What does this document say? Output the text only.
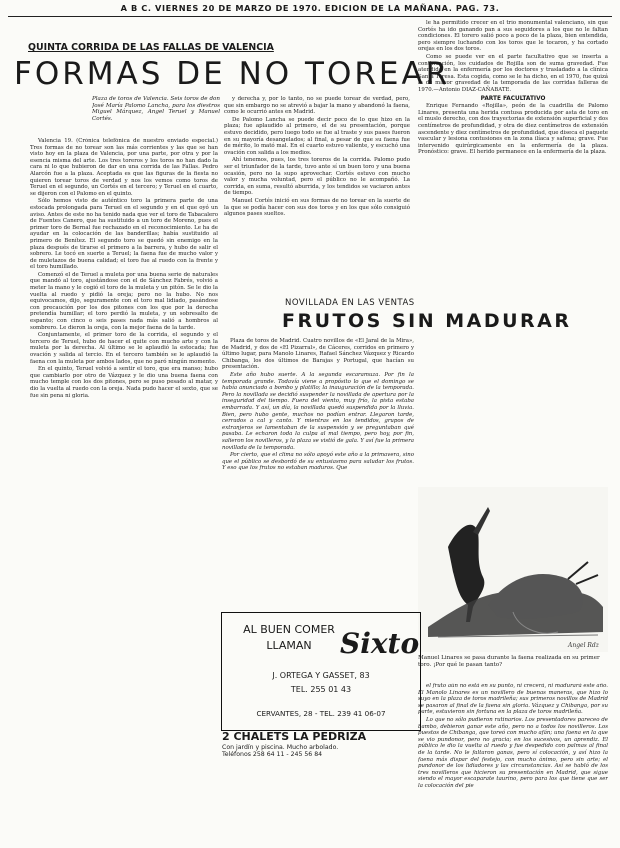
A B C. VIERNES 20 DE MARZO DE 1970. EDICION DE LA MAÑANA. PAG. 73.
QUINTA CORRIDA DE LAS FALLAS DE VALENCIA
FORMAS DE NO TOREAR
Plaza de toros de Valencia. Seis toros de don José María Palomo Lancha, para los diestros Miguel Márquez, Angel Teruel y Manuel Cortés.

Valencia 19. (Crónica telefónica de nuestro enviado especial.) Tres formas de no torear son las más corrientes y las que se han visto hoy en la plaza de Valencia, por una parte, por otra y por la esencia misma del arte. Los tres toreros y los toros no han dado la cara ni lo que hubieron de dar en una corrida de las Fallas. Pedro Alarcón fue a la plaza. Aceptada es que las figuras de la fiesta no quieren torear toros de verdad y nos los vemos como toros de Teruel en el segundo, un Cortés en el tercero; y Teruel en el cuarto, se dijeron con el Palomo en el quinto.

Sólo hemos visto de auténtico toro la primera parte de una estocada prolongada para Teruel en el segundo y en el que oyó un aviso. Antes de este no ha tenido nada que ver el toro de Tabacalero de Fuentes Canero, que ha sustituido a un toro de Moreno, pues el primer toro de Bernal fue rechazado en el reconocimiento. Le ha de ayudar en la colocación de las banderillas; había sustituido al primero de Benítez. El segundo toro se quedó sin enemigo en la plaza después de tirarse el primero a la barrera, y hubo de salir el sobrero. Le tocó en suerte a Teruel; la faena fue de mucho valor y de muletazos de buena calidad; el toro fue al ruedo con la frente y el toro humillado.

Comenzó el de Teruel a muleta por una buena serie de naturales que mandó al toro, ajustándose con el de Sánchez Fabrés, volvió a meter la mano y le cogió el toro de la muleta y un pitón. Se le dio la vuelta al ruedo y pidió la oreja; pero no la hubo. No nos equivocamos, dijo, seguramente con el toro mal lidiado, pasándose con precaución por los dos pitones con los que por la derecha pretendía humillar; el toro perdió la muleta, y un sobresalto de espanto; con cinco o seis pases nada más salió a hombros al sombrero. Le dieron la oreja, con la mejor faena de la tarde.

Conjuntamente, el primer toro de la corrida, el segundo y el tercero de Teruel, hubo de hacer el quite con mucho arte y con la muleta por la derecha. Al último se le aplaudió la estocada; fue ovación y salida al tercio. En el tercero también se le aplaudió la faena con la muleta por ambos lados, que no paró ningún momento.

En el quinto, Teruel volvió a sentir el toro, que era manso; hubo que cambiarlo por otro de Vázquez y le dio una buena faena con mucho temple con los dos pitones, pero se puso pesado al matar, y dio la vuelta al ruedo con la oreja. Nada pudo hacer el sexto, que se fue sin pena ni gloria.

y derecha y, por lo tanto, no se puede torear de verdad, pero, que sin embargo no se atrevió a bajar la mano y abandonó la faena, como le ocurrió antes en Madrid.

De Palomo Lancha se puede decir poco de lo que hizo en la plaza; fue aplaudido al primero, el de su presentación, porque estuvo decidido, pero luego todo se fue al traste y sus pases fueron en su mayoría desangelados; al final, a pesar de que su faena fue de mérito, lo mató mal. En el cuarto estuvo valiente, y escuchó una ovación con salida a los medios.

Ahí tenemos, pues, los tres toreros de la corrida. Palomo pudo ser el triunfador de la tarde, tuvo ante sí un buen toro y una buena ocasión, pero no la supo aprovechar. Cortés estuvo con mucho valor y mucha voluntad, pero el público no le acompañó. La corrida, en suma, resultó aburrida, y los tendidos se vaciaron antes de tiempo.

Manuel Cortés inició en sus formas de no torear en la suerte de la que se podía hacer con sus dos toros y en los que sólo consiguió algunos pases sueltos.

le ha permitido crecer en el trío monumental valenciano, sin que Cortés ha ido ganando pan a sus seguidores a los que no le faltan condiciones. El torero salió poco a poco de la plaza, bien entendida, pero siempre luchando con los toros que le tocaron, y ha cortado orejas en los dos toros.

Como se puede ver en el parte facultativo que se inserta a continuación, los cuidados de Rojilla son de suma gravedad. Fue atendido en la enfermería por los doctores y trasladado a la clínica Santa Teresa. Esta cogida, como se le ha dicho, en el 1970, fue quizá la de mayor gravedad de la temporada de las corridas falleras de 1970.—Antonio DIAZ-CAÑABATE.

PARTE FACULTATIVO

Enrique Fernando «Rojilla», peón de la cuadrilla de Palomo Linares, presenta una herida contusa producida por asta de toro en el muslo derecho, con dos trayectorias de extensión superficial y dos centímetros de profundidad, y otra de diez centímetros de extensión ascendente y diez centímetros de profundidad, que diseca el paquete vascular y lesiona contusiones en la zona ilíaca y safena; grave. Fue intervenido quirúrgicamente en la enfermería de la plaza. Pronóstico: grave. El herido permanece en la enfermería de la plaza.

NOVILLADA EN LAS VENTAS
FRUTOS SIN MADURAR

Plaza de toros de Madrid. Cuatro novillos de «El Jaral de la Mira», de Madrid, y dos de «El Pizarral», de Cáceres, corridos en primero y último lugar, para Manolo Linares, Rafael Sánchez Vázquez y Ricardo Chibanga, los dos últimos de Barajas y Portugal, que hacían su presentación.

Este año hubo suerte. A la segunda escaramuza. Por fin la temporada grande. Todavía viene a propósito lo que el domingo se había anunciado a bombo y platillo; la inauguración de la temporada. Pero la novillada se decidió suspender la novillada de apertura por la inseguridad del tiempo. Fuera del viento, muy frío, la pista estaba embarrada. Y así, un día, la novillada quedó suspendida por la lluvia. Bien, pero hubo gente, muchos no podían entrar. Llegaron tarde, cerrados a cal y canto. Y mientras en los tendidos, grupos de extranjeros se lamentaban de la suspensión y se preguntaban qué pasaba. Le echaron toda la culpa al mal tiempo, pero hoy, por fin, salieron los novilleros, y la plaza se vistió de gala. Y así fue la primera novillada de la temporada.

Por cierto, que el clima no sólo apoyó este año a la primavera, sino que el público se desbordó de su entusiasmo para saludar los frutos. Y eso que los frutos no estaban maduros. Que

Angel Rdz
Manuel Linares se pasa durante la faena realizada en su primer toro. ¡Por qué le pasan tanto?

el fruto aún no está en su punto, ni crecerá, ni madurará este año. El Manolo Linares es un novillero de buenas maneras, que hizo lo suyo en la plaza de toros madrileña; sus primeros novillos de Madrid se pasaron al final de la faena sin gloria. Vázquez y Chibanga, por su parte, estuvieron sin fortuna en la plaza de toros madrileña.

Lo que no sólo pudieron rutinarios. Los presentadores pareceo de bambo, debieron ganar este año, pero no a todos los novilleros. Los puestos de Chibanga, que toreó con mucho afán; una faena en la que se vio pundonor, pero no gracia; en los sucesivos, un aprendiz. El público le dio la vuelta al ruedo y fue despedido con palmas al final de la tarde. No le faltaron ganas, pero sí colocación, y así hizo la faena más dispar del festejo, con mucho ánimo, pero sin arte; el pundonor de los lidiadores y las circunstancias. Así se habló de los tres novilleros que hicieron su presentación en Madrid, que sigue siendo el mayor escaparate taurino, pero para los que tiene que ser la colocación del pie

AL BUEN COMER
LLAMAN	Sixto
J. ORTEGA Y GASSET, 83
TEL. 255 01 43
CERVANTES, 28 - TEL. 239 41 06-07
2 CHALETS LA PEDRIZA
Con jardín y piscina. Mucho arbolado.
Teléfonos 258 64 11 - 245 56 84
